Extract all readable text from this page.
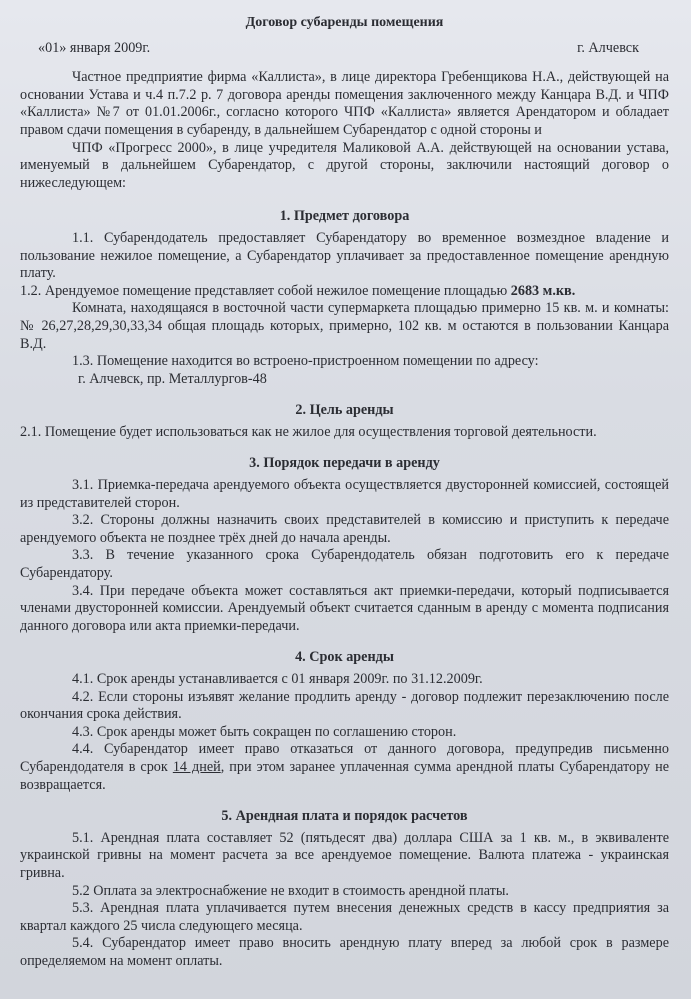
Договор субаренды помещения

«01» января 2009г.	г. Алчевск

Частное предприятие фирма «Каллиста», в лице директора Гребенщикова Н.А., действующей на основании Устава и ч.4 п.7.2 р. 7 договора аренды помещения заключенного между Канцара В.Д. и ЧПФ «Каллиста» №7 от 01.01.2006г., согласно которого ЧПФ «Каллиста» является Арендатором и обладает правом сдачи помещения в субаренду, в дальнейшем Субарендатор с одной стороны и

ЧПФ «Прогресс 2000», в лице учредителя Маликовой А.А. действующей на основании устава, именуемый в дальнейшем Субарендатор, с другой стороны, заключили настоящий договор о нижеследующем:

1. Предмет договора

1.1. Субарендодатель предоставляет Субарендатору во временное возмездное владение и пользование нежилое помещение, а Субарендатор уплачивает за предоставленное помещение арендную плату.

1.2. Арендуемое помещение представляет собой нежилое помещение площадью 2683 м.кв.

Комната, находящаяся в восточной части супермаркета площадью примерно 15 кв. м. и комнаты: № 26,27,28,29,30,33,34 общая площадь которых, примерно, 102 кв. м остаются в пользовании Канцара В.Д.

1.3. Помещение находится во встроено-пристроенном помещении по адресу:

г. Алчевск, пр. Металлургов-48

2. Цель аренды

2.1. Помещение будет использоваться как не жилое для осуществления торговой деятельности.

3. Порядок передачи в аренду

3.1. Приемка-передача арендуемого объекта осуществляется двусторонней комиссией, состоящей из представителей сторон.

3.2. Стороны должны назначить своих представителей в комиссию и приступить к передаче арендуемого объекта не позднее трёх дней до начала аренды.

3.3. В течение указанного срока Субарендодатель обязан подготовить его к передаче Субарендатору.

3.4. При передаче объекта может составляться акт приемки-передачи, который подписывается членами двусторонней комиссии. Арендуемый объект считается сданным в аренду с момента подписания данного договора или акта приемки-передачи.

4. Срок аренды

4.1. Срок аренды устанавливается с 01 января 2009г. по 31.12.2009г.

4.2. Если стороны изъявят желание продлить аренду - договор подлежит перезаключению после окончания срока действия.

4.3. Срок аренды может быть сокращен по соглашению сторон.

4.4. Субарендатор имеет право отказаться от данного договора, предупредив письменно Субарендодателя в срок 14 дней, при этом заранее уплаченная сумма арендной платы Субарендатору не возвращается.

5. Арендная плата и порядок расчетов

5.1. Арендная плата составляет 52 (пятьдесят два) доллара США за 1 кв. м., в эквиваленте украинской гривны на момент расчета за все арендуемое помещение. Валюта платежа - украинская гривна.

5.2 Оплата за электроснабжение не входит в стоимость арендной платы.

5.3. Арендная плата уплачивается путем внесения денежных средств в кассу предприятия за квартал каждого 25 числа следующего месяца.

5.4. Субарендатор имеет право вносить арендную плату вперед за любой срок в размере определяемом на момент оплаты.
